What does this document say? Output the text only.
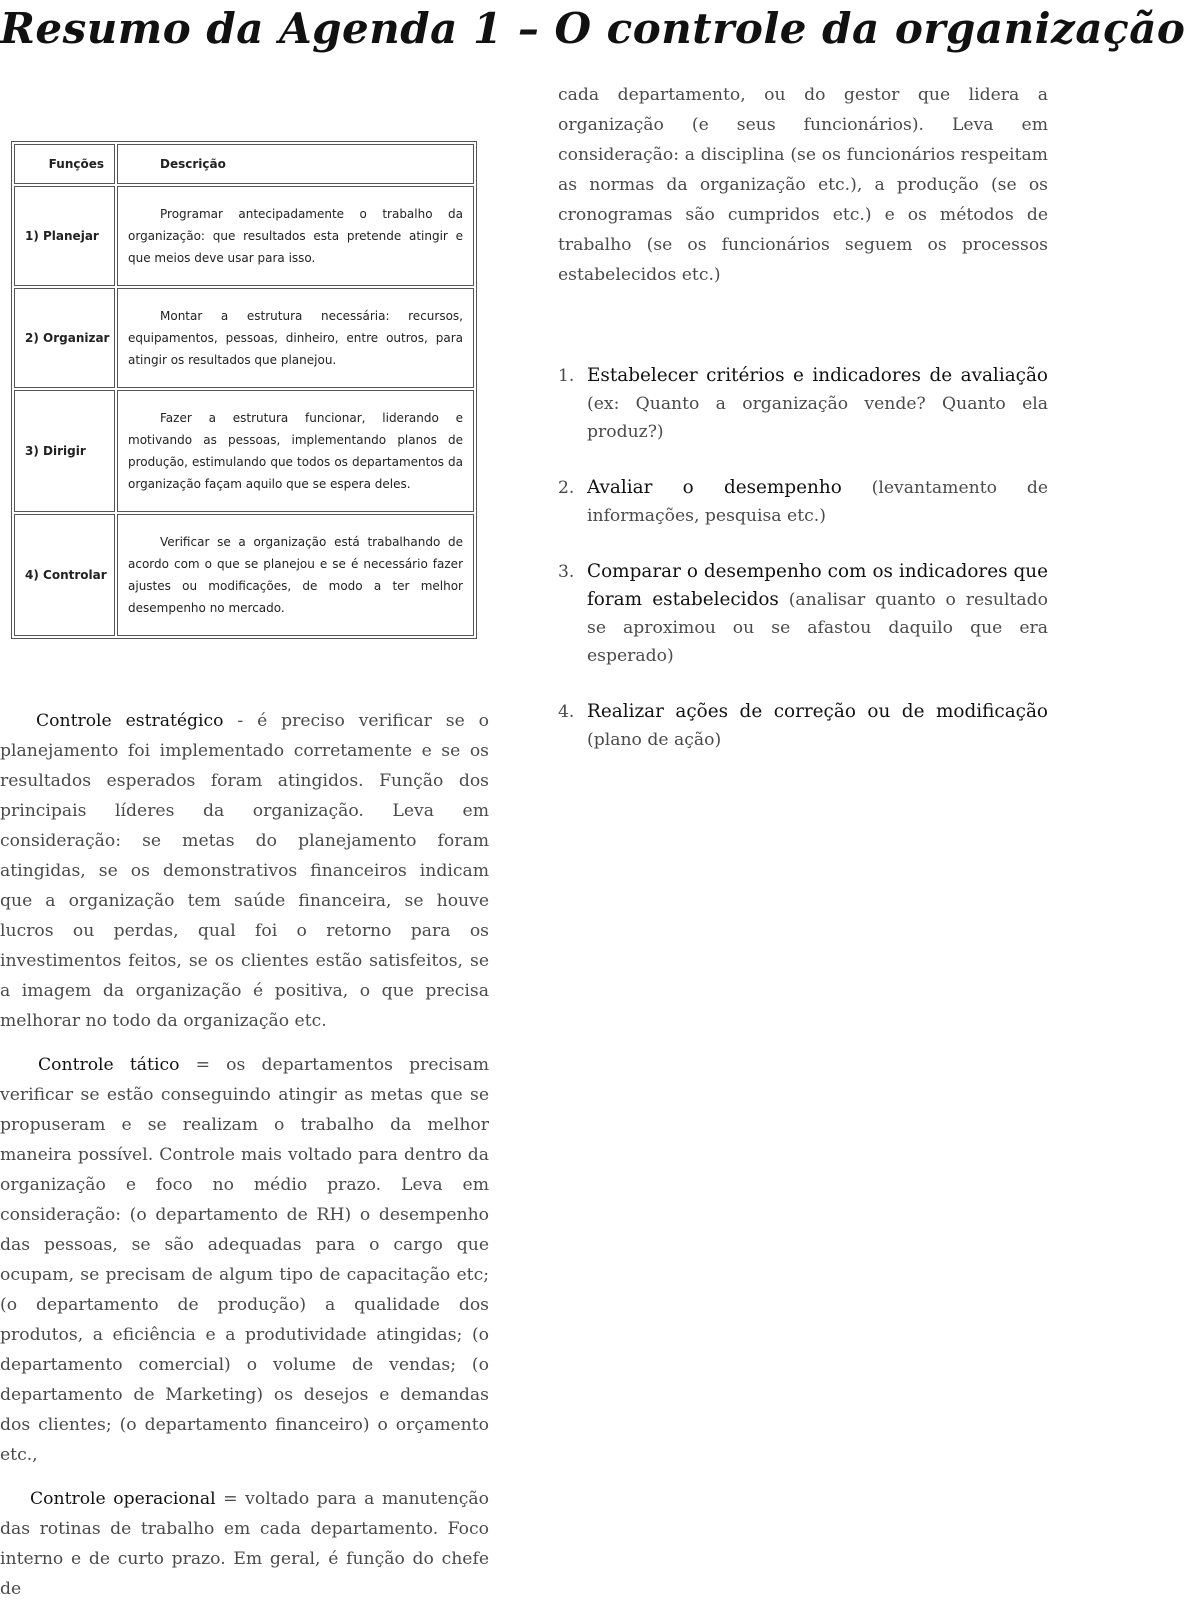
Resumo da Agenda 1 – O controle da organização
Funções	Descrição
1) Planejar	Programar antecipadamente o trabalho da organização: que resultados esta pretende atingir e que meios deve usar para isso.
2) Organizar	Montar a estrutura necessária: recursos, equipamentos, pessoas, dinheiro, entre outros, para atingir os resultados que planejou.
3) Dirigir	Fazer a estrutura funcionar, liderando e motivando as pessoas, implementando planos de produção, estimulando que todos os departamentos da organização façam aquilo que se espera deles.
4) Controlar	Verificar se a organização está trabalhando de acordo com o que se planejou e se é necessário fazer ajustes ou modificações, de modo a ter melhor desempenho no mercado.

Controle estratégico - é preciso verificar se o planejamento foi implementado corretamente e se os resultados esperados foram atingidos. Função dos principais líderes da organização. Leva em consideração: se metas do planejamento foram atingidas, se os demonstrativos financeiros indicam que a organização tem saúde financeira, se houve lucros ou perdas, qual foi o retorno para os investimentos feitos, se os clientes estão satisfeitos, se a imagem da organização é positiva, o que precisa melhorar no todo da organização etc.

Controle tático = os departamentos precisam verificar se estão conseguindo atingir as metas que se propuseram e se realizam o trabalho da melhor maneira possível. Controle mais voltado para dentro da organização e foco no médio prazo. Leva em consideração: (o departamento de RH) o desempenho das pessoas, se são adequadas para o cargo que ocupam, se precisam de algum tipo de capacitação etc; (o departamento de produção) a qualidade dos produtos, a eficiência e a produtividade atingidas; (o departamento comercial) o volume de vendas; (o departamento de Marketing) os desejos e demandas dos clientes; (o departamento financeiro) o orçamento etc.,

Controle operacional = voltado para a manutenção das rotinas de trabalho em cada departamento. Foco interno e de curto prazo. Em geral, é função do chefe de

cada departamento, ou do gestor que lidera a organização (e seus funcionários). Leva em consideração: a disciplina (se os funcionários respeitam as normas da organização etc.), a produção (se os cronogramas são cumpridos etc.) e os métodos de trabalho (se os funcionários seguem os processos estabelecidos etc.)

1. Estabelecer critérios e indicadores de avaliação (ex: Quanto a organização vende? Quanto ela produz?)
2. Avaliar o desempenho (levantamento de informações, pesquisa etc.)
3. Comparar o desempenho com os indicadores que foram estabelecidos (analisar quanto o resultado se aproximou ou se afastou daquilo que era esperado)
4. Realizar ações de correção ou de modificação (plano de ação)
